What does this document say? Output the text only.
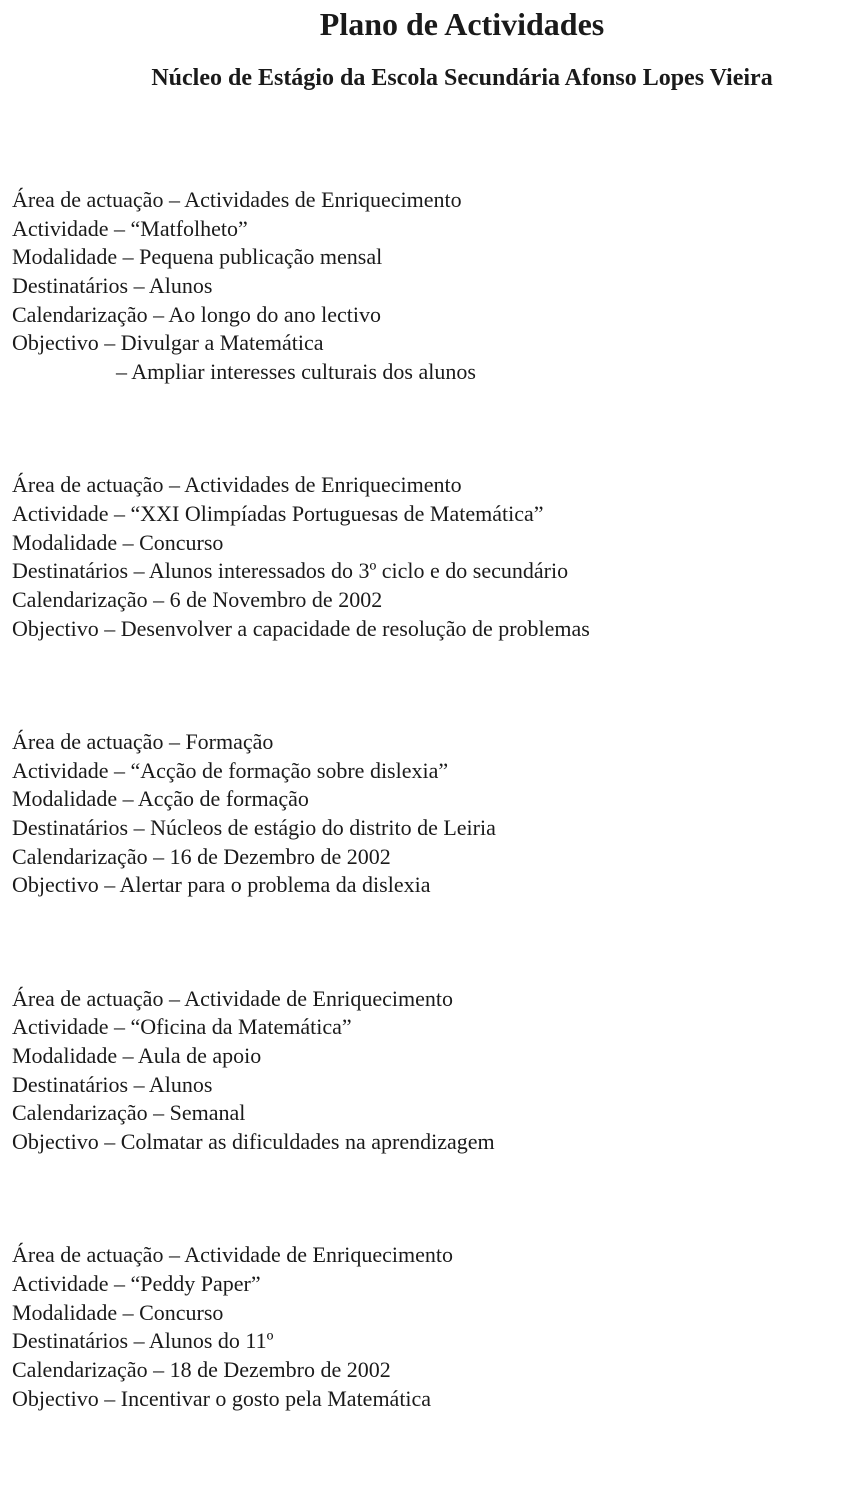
Plano de Actividades
Núcleo de Estágio da Escola Secundária Afonso Lopes Vieira
Área de actuação – Actividades de Enriquecimento
Actividade – “Matfolheto”
Modalidade – Pequena publicação mensal
Destinatários – Alunos
Calendarização – Ao longo do ano lectivo
Objectivo – Divulgar a Matemática
– Ampliar interesses culturais dos alunos
Área de actuação – Actividades de Enriquecimento
Actividade – “XXI Olimpíadas Portuguesas de Matemática”
Modalidade – Concurso
Destinatários – Alunos interessados do 3º ciclo e do secundário
Calendarização – 6 de Novembro de 2002
Objectivo – Desenvolver a capacidade de resolução de problemas
Área de actuação – Formação
Actividade – “Acção de formação sobre dislexia”
Modalidade – Acção de formação
Destinatários – Núcleos de estágio do distrito de Leiria
Calendarização – 16 de Dezembro de 2002
Objectivo – Alertar para o problema da dislexia
Área de actuação – Actividade de Enriquecimento
Actividade – “Oficina da Matemática”
Modalidade – Aula de apoio
Destinatários – Alunos
Calendarização – Semanal
Objectivo – Colmatar as dificuldades na aprendizagem
Área de actuação – Actividade de Enriquecimento
Actividade – “Peddy Paper”
Modalidade – Concurso
Destinatários – Alunos do 11º
Calendarização – 18 de Dezembro de 2002
Objectivo – Incentivar o gosto pela Matemática
